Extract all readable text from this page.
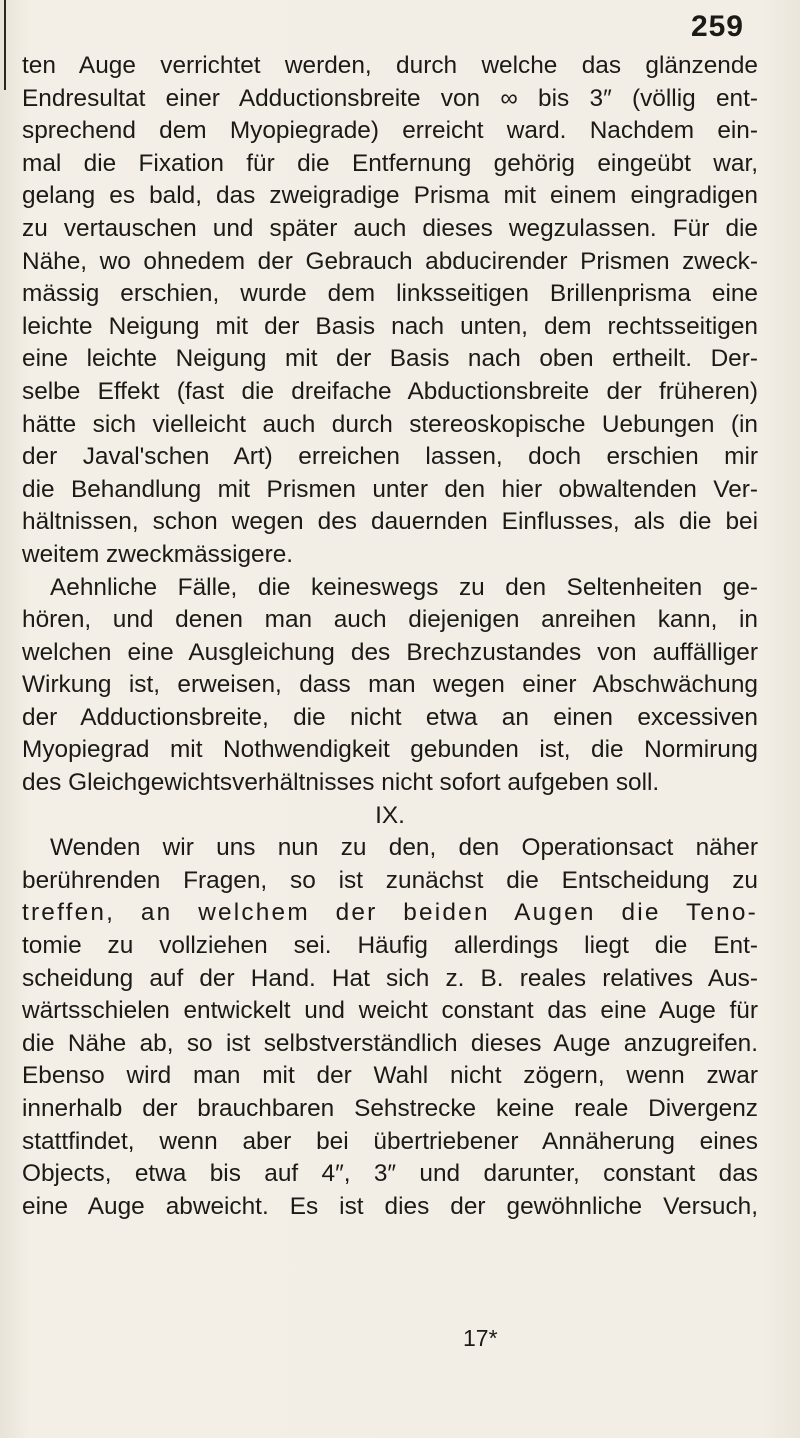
259
ten Auge verrichtet werden, durch welche das glänzende
Endresultat einer Adductionsbreite von ∞ bis 3″ (völlig ent-
sprechend dem Myopiegrade) erreicht ward. Nachdem ein-
mal die Fixation für die Entfernung gehörig eingeübt war,
gelang es bald, das zweigradige Prisma mit einem eingradigen
zu vertauschen und später auch dieses wegzulassen. Für die
Nähe, wo ohnedem der Gebrauch abducirender Prismen zweck-
mässig erschien, wurde dem linksseitigen Brillenprisma eine
leichte Neigung mit der Basis nach unten, dem rechtsseitigen
eine leichte Neigung mit der Basis nach oben ertheilt. Der-
selbe Effekt (fast die dreifache Abductionsbreite der früheren)
hätte sich vielleicht auch durch stereoskopische Uebungen (in
der Javal'schen Art) erreichen lassen, doch erschien mir
die Behandlung mit Prismen unter den hier obwaltenden Ver-
hältnissen, schon wegen des dauernden Einflusses, als die bei
weitem zweckmässigere.
Aehnliche Fälle, die keineswegs zu den Seltenheiten ge-
hören, und denen man auch diejenigen anreihen kann, in
welchen eine Ausgleichung des Brechzustandes von auffälliger
Wirkung ist, erweisen, dass man wegen einer Abschwächung
der Adductionsbreite, die nicht etwa an einen excessiven
Myopiegrad mit Nothwendigkeit gebunden ist, die Normirung
des Gleichgewichtsverhältnisses nicht sofort aufgeben soll.
IX.
Wenden wir uns nun zu den, den Operationsact näher
berührenden Fragen, so ist zunächst die Entscheidung zu
treffen, an welchem der beiden Augen die Teno-
tomie zu vollziehen sei. Häufig allerdings liegt die Ent-
scheidung auf der Hand. Hat sich z. B. reales relatives Aus-
wärtsschielen entwickelt und weicht constant das eine Auge für
die Nähe ab, so ist selbstverständlich dieses Auge anzugreifen.
Ebenso wird man mit der Wahl nicht zögern, wenn zwar
innerhalb der brauchbaren Sehstrecke keine reale Divergenz
stattfindet, wenn aber bei übertriebener Annäherung eines
Objects, etwa bis auf 4″, 3″ und darunter, constant das
eine Auge abweicht. Es ist dies der gewöhnliche Versuch,
17*
